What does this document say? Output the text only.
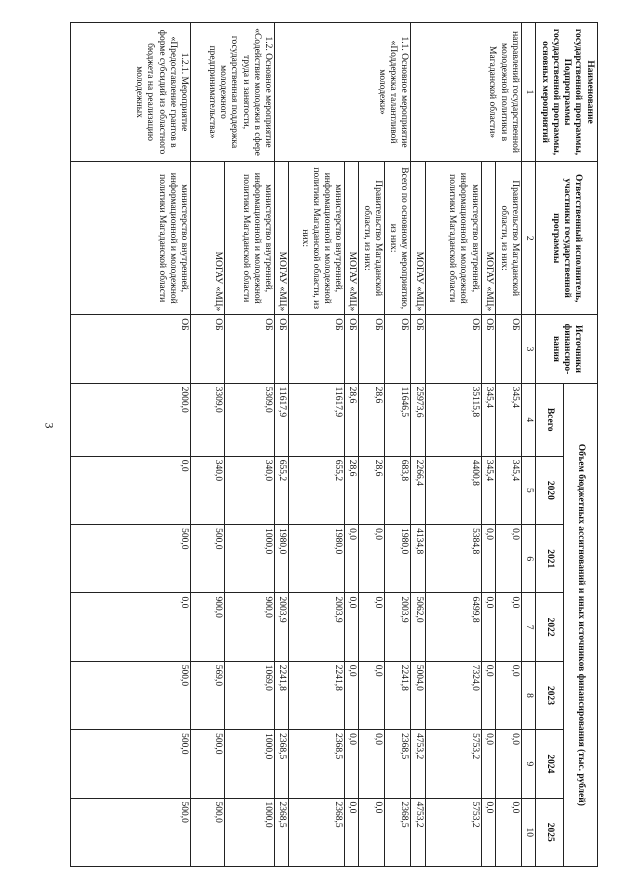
3
Наименование государственной программы, Подпрограммы государственной программы, основных мероприятий	Ответственный исполнитель, участники государственной программы	Источники финансиро-вания	Объем бюджетных ассигнований и иных источников финансирования (тыс. рублей)						
			Всего	2020	2021	2022	2023	2024	2025

1	2	3	4	5	6	7	8	9	10
направлений государственной молодежной политики в Магаданской области»	Правительство Магаданской области, из них:	ОБ	345,4	345,4	0,0	0,0	0,0	0,0	0,0
	МОГАУ «МЦ»	ОБ	345,4	345,4	0,0	0,0	0,0	0,0	0,0
	министерство внутренней, информационной и молодежной политики Магаданской области	ОБ	35115,8	4400,8	5384,8	6499,8	7324,0	5753,2	5753,2
	МОГАУ «МЦ»	ОБ	25973,6	2266,4	4134,8	5062,0	5004,0	4753,2	4753,2
1.1. Основное мероприятие «Поддержка талантливой молодежи»	Всего по основному мероприятию, из них:	ОБ	11646,5	683,8	1980,0	2003,9	2241,8	2368,5	2368,5
	Правительство Магаданской области, из них:	ОБ	28,6	28,6	0,0	0,0	0,0	0,0	0,0
	МОГАУ «МЦ»	ОБ	28,6	28,6	0,0	0,0	0,0	0,0	0,0
	министерство внутренней, информационной и молодежной политики Магаданской области, из них:	ОБ	11617,9	655,2	1980,0	2003,9	2241,8	2368,5	2368,5
	МОГАУ «МЦ»	ОБ	11617,9	655,2	1980,0	2003,9	2241,8	2368,5	2368,5
1.2. Основное мероприятие «Содействие молодежи в сфере труда и занятости, государственная поддержка молодежного предпринимательства»	министерство внутренней, информационной и молодежной политики Магаданской области	ОБ	5309,0	340,0	1000,0	900,0	1069,0	1000,0	1000,0
	МОГАУ «МЦ»	ОБ	3309,0	340,0	500,0	900,0	569,0	500,0	500,0
1.2.1. Мероприятие «Предоставление грантов в форме субсидий из областного бюджета на реализацию молодежных	министерство внутренней, информационной и молодежной политики Магаданской области	ОБ	2000,0	0,0	500,0	0,0	500,0	500,0	500,0
